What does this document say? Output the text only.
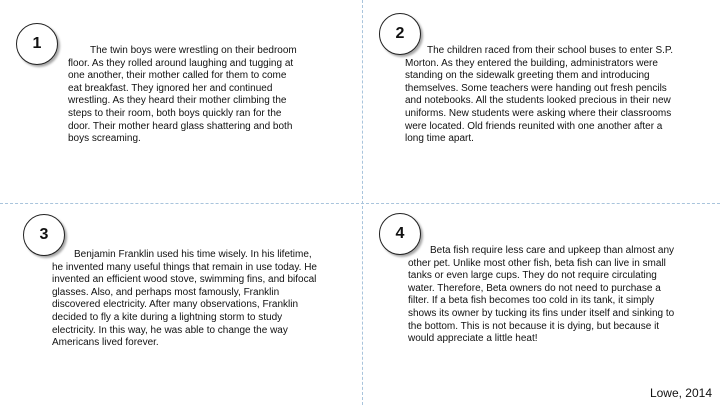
1	The twin boys were wrestling on their bedroom floor. As they rolled around laughing and tugging at one another, their mother called for them to come eat breakfast. They ignored her and continued wrestling. As they heard their mother climbing the steps to their room, both boys quickly ran for the door. Their mother heard glass shattering and both boys screaming.

2

The children raced from their school buses to enter S.P. Morton. As they entered the building, administrators were standing on the sidewalk greeting them and introducing themselves. Some teachers were handing out fresh pencils and notebooks. All the students looked precious in their new uniforms. New students were asking where their classrooms were located. Old friends reunited with one another after a long time apart.

3

Benjamin Franklin used his time wisely. In his lifetime, he invented many useful things that remain in use today. He invented an efficient wood stove, swimming fins, and bifocal glasses. Also, and perhaps most famously, Franklin discovered electricity. After many observations, Franklin decided to fly a kite during a lightning storm to study electricity. In this way, he was able to change the way Americans lived forever.

4

Beta fish require less care and upkeep than almost any other pet. Unlike most other fish, beta fish can live in small tanks or even large cups. They do not require circulating water. Therefore, Beta owners do not need to purchase a filter. If a beta fish becomes too cold in its tank, it simply shows its owner by tucking its fins under itself and sinking to the bottom. This is not because it is dying, but because it would appreciate a little heat!

Lowe, 2014
